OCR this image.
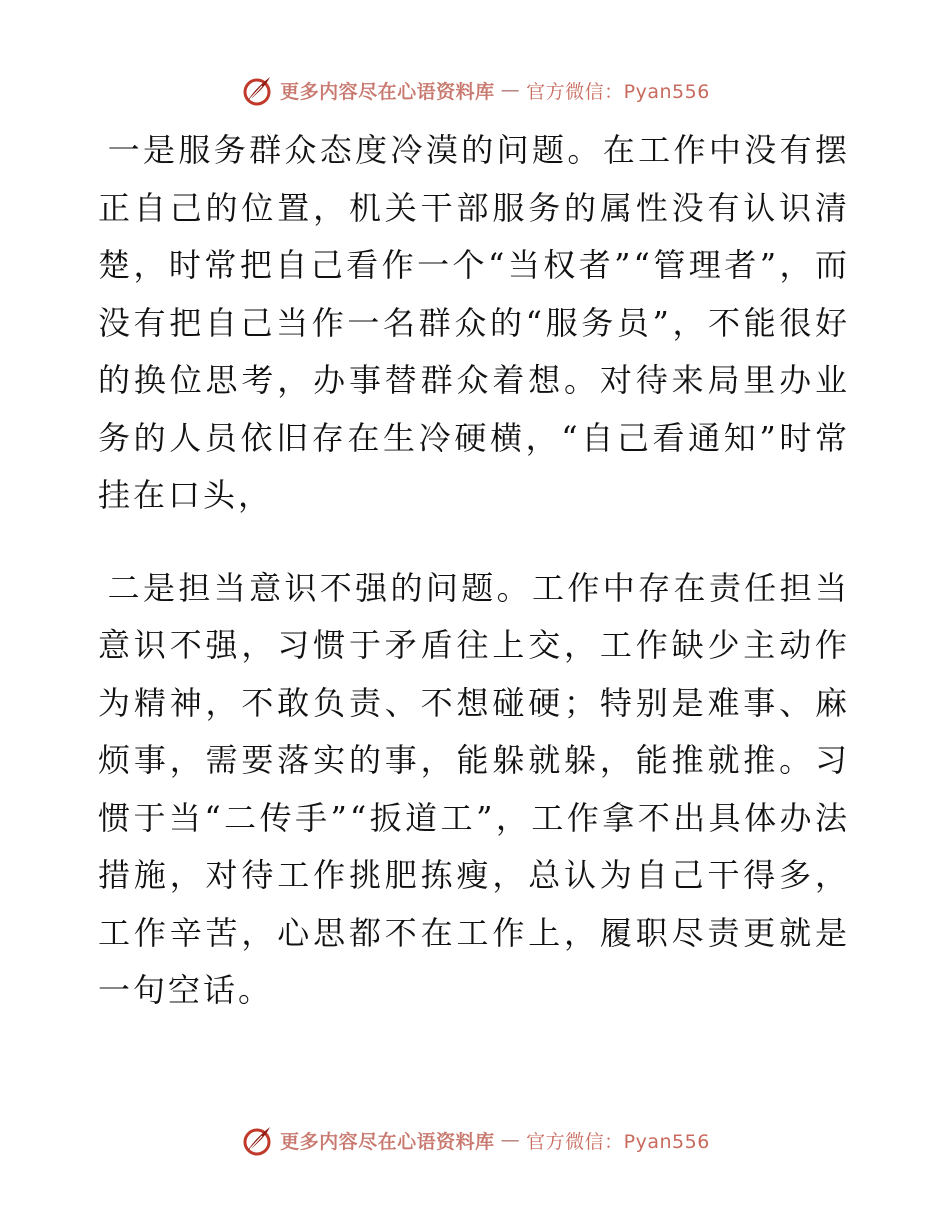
更多内容尽在心语资料库 — 官方微信：Pyan556

一是服务群众态度冷漠的问题。在工作中没有摆正自己的位置，机关干部服务的属性没有认识清楚，时常把自己看作一个“当权者”“管理者”，而没有把自己当作一名群众的“服务员”，不能很好的换位思考，办事替群众着想。对待来局里办业务的人员依旧存在生冷硬横，“自己看通知”时常挂在口头，

二是担当意识不强的问题。工作中存在责任担当意识不强，习惯于矛盾往上交，工作缺少主动作为精神，不敢负责、不想碰硬；特别是难事、麻烦事，需要落实的事，能躲就躲，能推就推。习惯于当“二传手”“扳道工”，工作拿不出具体办法措施，对待工作挑肥拣瘦，总认为自己干得多，工作辛苦，心思都不在工作上，履职尽责更就是一句空话。

更多内容尽在心语资料库 — 官方微信：Pyan556
